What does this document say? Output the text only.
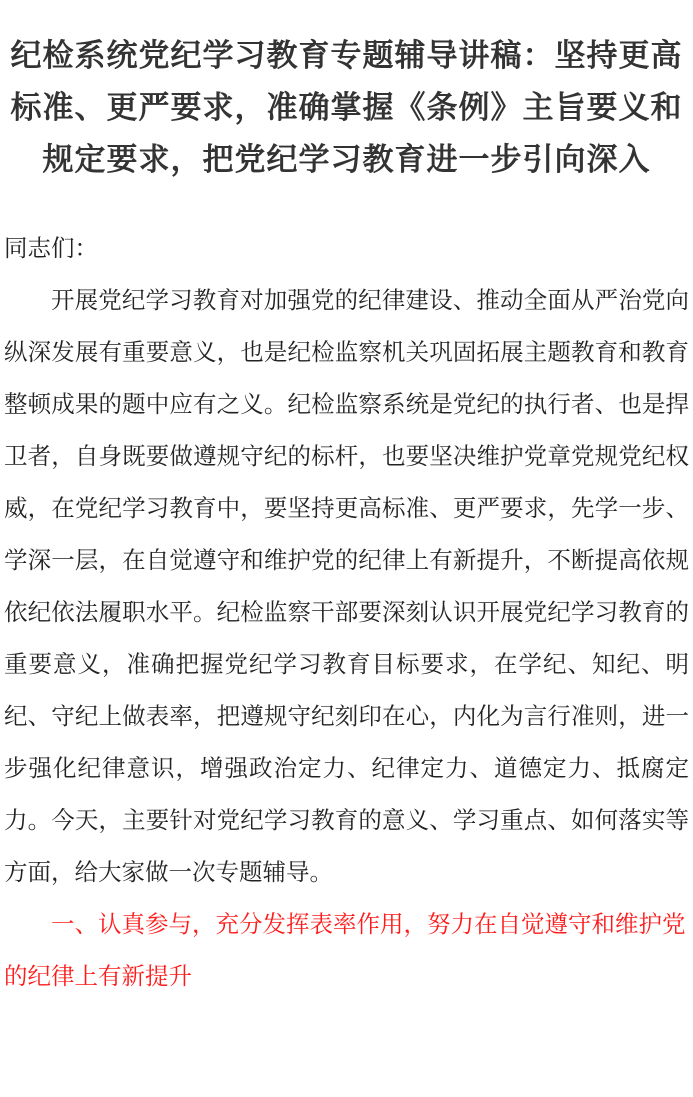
纪检系统党纪学习教育专题辅导讲稿：坚持更高标准、更严要求，准确掌握《条例》主旨要义和规定要求，把党纪学习教育进一步引向深入

同志们：

开展党纪学习教育对加强党的纪律建设、推动全面从严治党向纵深发展有重要意义，也是纪检监察机关巩固拓展主题教育和教育整顿成果的题中应有之义。纪检监察系统是党纪的执行者、也是捍卫者，自身既要做遵规守纪的标杆，也要坚决维护党章党规党纪权威，在党纪学习教育中，要坚持更高标准、更严要求，先学一步、学深一层，在自觉遵守和维护党的纪律上有新提升，不断提高依规依纪依法履职水平。纪检监察干部要深刻认识开展党纪学习教育的重要意义，准确把握党纪学习教育目标要求，在学纪、知纪、明纪、守纪上做表率，把遵规守纪刻印在心，内化为言行准则，进一步强化纪律意识，增强政治定力、纪律定力、道德定力、抵腐定力。今天，主要针对党纪学习教育的意义、学习重点、如何落实等方面，给大家做一次专题辅导。

一、认真参与，充分发挥表率作用，努力在自觉遵守和维护党的纪律上有新提升
